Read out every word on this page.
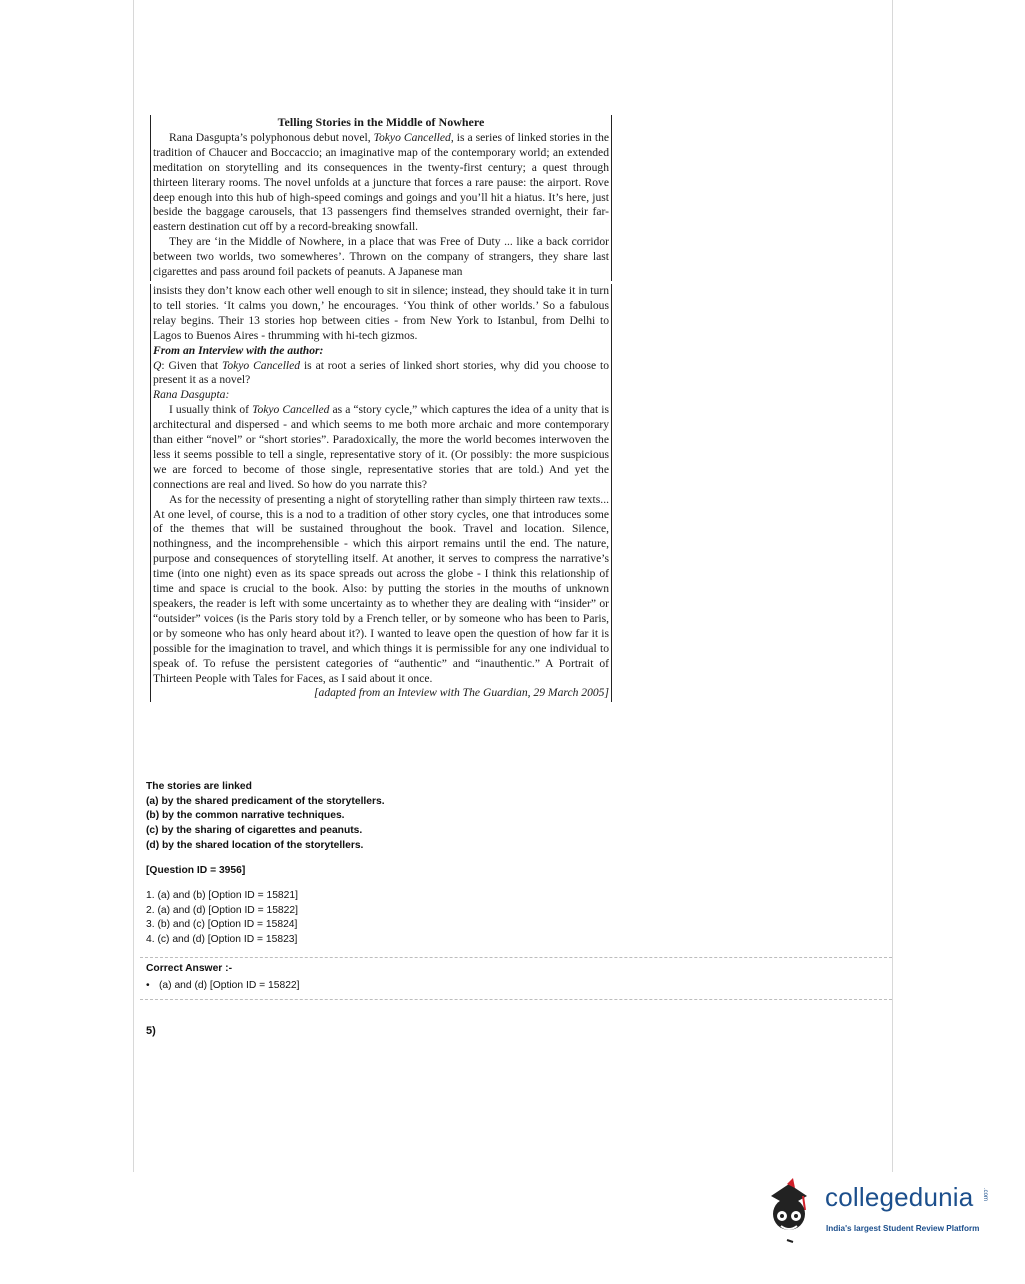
Telling Stories in the Middle of Nowhere

Rana Dasgupta’s polyphonous debut novel, Tokyo Cancelled, is a series of linked stories in the tradition of Chaucer and Boccaccio; an imaginative map of the contemporary world; an extended meditation on storytelling and its consequences in the twenty-first century; a quest through thirteen literary rooms. The novel unfolds at a juncture that forces a rare pause: the airport. Rove deep enough into this hub of high-speed comings and goings and you’ll hit a hiatus. It’s here, just beside the baggage carousels, that 13 passengers find themselves stranded overnight, their far-eastern destination cut off by a record-breaking snowfall.

They are ‘in the Middle of Nowhere, in a place that was Free of Duty ... like a back corridor between two worlds, two somewheres’. Thrown on the company of strangers, they share last cigarettes and pass around foil packets of peanuts. A Japanese man

insists they don’t know each other well enough to sit in silence; instead, they should take it in turn to tell stories. ‘It calms you down,’ he encourages. ‘You think of other worlds.’ So a fabulous relay begins. Their 13 stories hop between cities - from New York to Istanbul, from Delhi to Lagos to Buenos Aires - thrumming with hi-tech gizmos.

From an Interview with the author:

Q: Given that Tokyo Cancelled is at root a series of linked short stories, why did you choose to present it as a novel?

Rana Dasgupta:

I usually think of Tokyo Cancelled as a “story cycle,” which captures the idea of a unity that is architectural and dispersed - and which seems to me both more archaic and more contemporary than either “novel” or “short stories”. Paradoxically, the more the world becomes interwoven the less it seems possible to tell a single, representative story of it. (Or possibly: the more suspicious we are forced to become of those single, representative stories that are told.) And yet the connections are real and lived. So how do you narrate this?

As for the necessity of presenting a night of storytelling rather than simply thirteen raw texts... At one level, of course, this is a nod to a tradition of other story cycles, one that introduces some of the themes that will be sustained throughout the book. Travel and location. Silence, nothingness, and the incomprehensible - which this airport remains until the end. The nature, purpose and consequences of storytelling itself. At another, it serves to compress the narrative’s time (into one night) even as its space spreads out across the globe - I think this relationship of time and space is crucial to the book. Also: by putting the stories in the mouths of unknown speakers, the reader is left with some uncertainty as to whether they are dealing with “insider” or “outsider” voices (is the Paris story told by a French teller, or by someone who has been to Paris, or by someone who has only heard about it?). I wanted to leave open the question of how far it is possible for the imagination to travel, and which things it is permissible for any one individual to speak of. To refuse the persistent categories of “authentic” and “inauthentic.” A Portrait of Thirteen People with Tales for Faces, as I said about it once.

[adapted from an Inteview with The Guardian, 29 March 2005]

The stories are linked
(a) by the shared predicament of the storytellers.
(b) by the common narrative techniques.
(c) by the sharing of cigarettes and peanuts.
(d) by the shared location of the storytellers.
[Question ID = 3956]
1. (a) and (b) [Option ID = 15821]
2. (a) and (d) [Option ID = 15822]
3. (b) and (c) [Option ID = 15824]
4. (c) and (d) [Option ID = 15823]
Correct Answer :-
• (a) and (d) [Option ID = 15822]
5)
collegedunia .com
India's largest Student Review Platform
